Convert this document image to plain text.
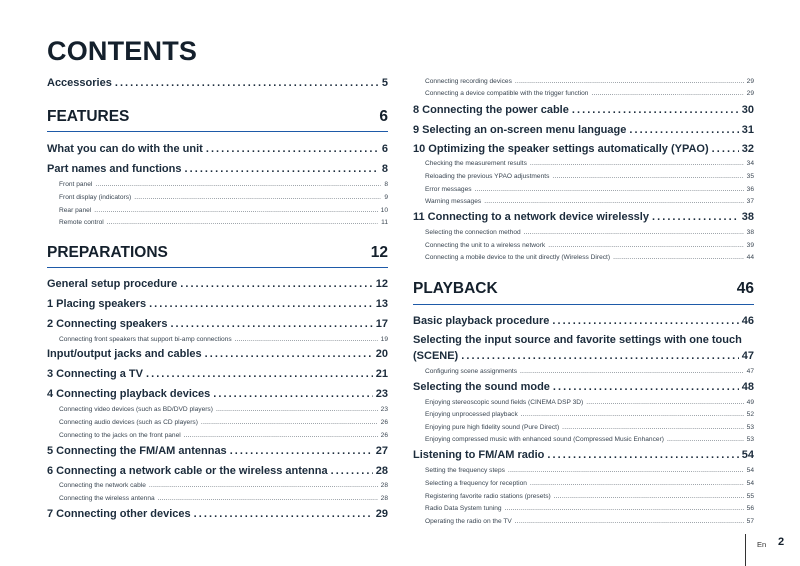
CONTENTS
Accessories . . .	5
FEATURES	6
What you can do with the unit . . .	6
Part names and functions . . .	8
Front panel .....	8
Front display (indicators) .....	9
Rear panel .....	10
Remote control .....	11
PREPARATIONS	12
General setup procedure . . .	12
1 Placing speakers . . .	13
2 Connecting speakers . . .	17
Connecting front speakers that support bi-amp connections .....	19
Input/output jacks and cables . . .	20
3 Connecting a TV . . .	21
4 Connecting playback devices . . .	23
Connecting video devices (such as BD/DVD players) .....	23
Connecting audio devices (such as CD players) .....	26
Connecting to the jacks on the front panel .....	26
5 Connecting the FM/AM antennas . . .	27
6 Connecting a network cable or the wireless antenna . . .	28
Connecting the network cable .....	28
Connecting the wireless antenna .....	28
7 Connecting other devices . . .	29
Connecting recording devices .....	29
Connecting a device compatible with the trigger function .....	29
8 Connecting the power cable . . .	30
9 Selecting an on-screen menu language . . .	31
10 Optimizing the speaker settings automatically (YPAO) . . .	32
Checking the measurement results .....	34
Reloading the previous YPAO adjustments .....	35
Error messages .....	36
Warning messages .....	37
11 Connecting to a network device wirelessly . . .	38
Selecting the connection method .....	38
Connecting the unit to a wireless network .....	39
Connecting a mobile device to the unit directly (Wireless Direct) .....	44
PLAYBACK	46
Basic playback procedure . . .	46
Selecting the input source and favorite settings with one touch
(SCENE) . . .	47
Configuring scene assignments .....	47
Selecting the sound mode . . .	48
Enjoying stereoscopic sound fields (CINEMA DSP 3D) .....	49
Enjoying unprocessed playback .....	52
Enjoying pure high fidelity sound (Pure Direct) .....	53
Enjoying compressed music with enhanced sound (Compressed Music Enhancer) .....	53
Listening to FM/AM radio . . .	54
Setting the frequency steps .....	54
Selecting a frequency for reception .....	54
Registering favorite radio stations (presets) .....	55
Radio Data System tuning .....	56
Operating the radio on the TV .....	57
En 2
